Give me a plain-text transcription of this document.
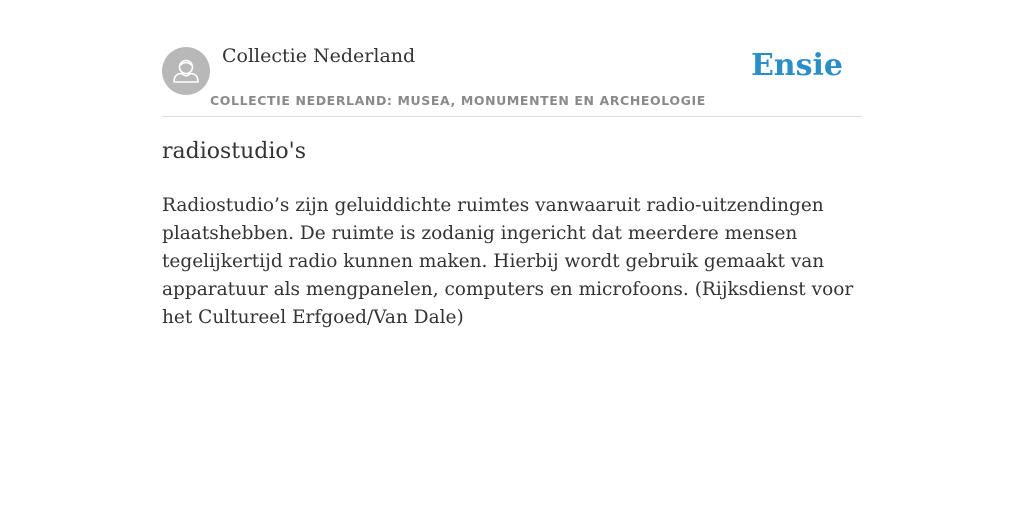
Collectie Nederland
COLLECTIE NEDERLAND: MUSEA, MONUMENTEN EN ARCHEOLOGIE
Ensie
radiostudio's

Radiostudio’s zijn geluiddichte ruimtes vanwaaruit radio-uitzendingen plaatshebben. De ruimte is zodanig ingericht dat meerdere mensen tegelijkertijd radio kunnen maken. Hierbij wordt gebruik gemaakt van apparatuur als mengpanelen, computers en microfoons. (Rijksdienst voor het Cultureel Erfgoed/Van Dale)
